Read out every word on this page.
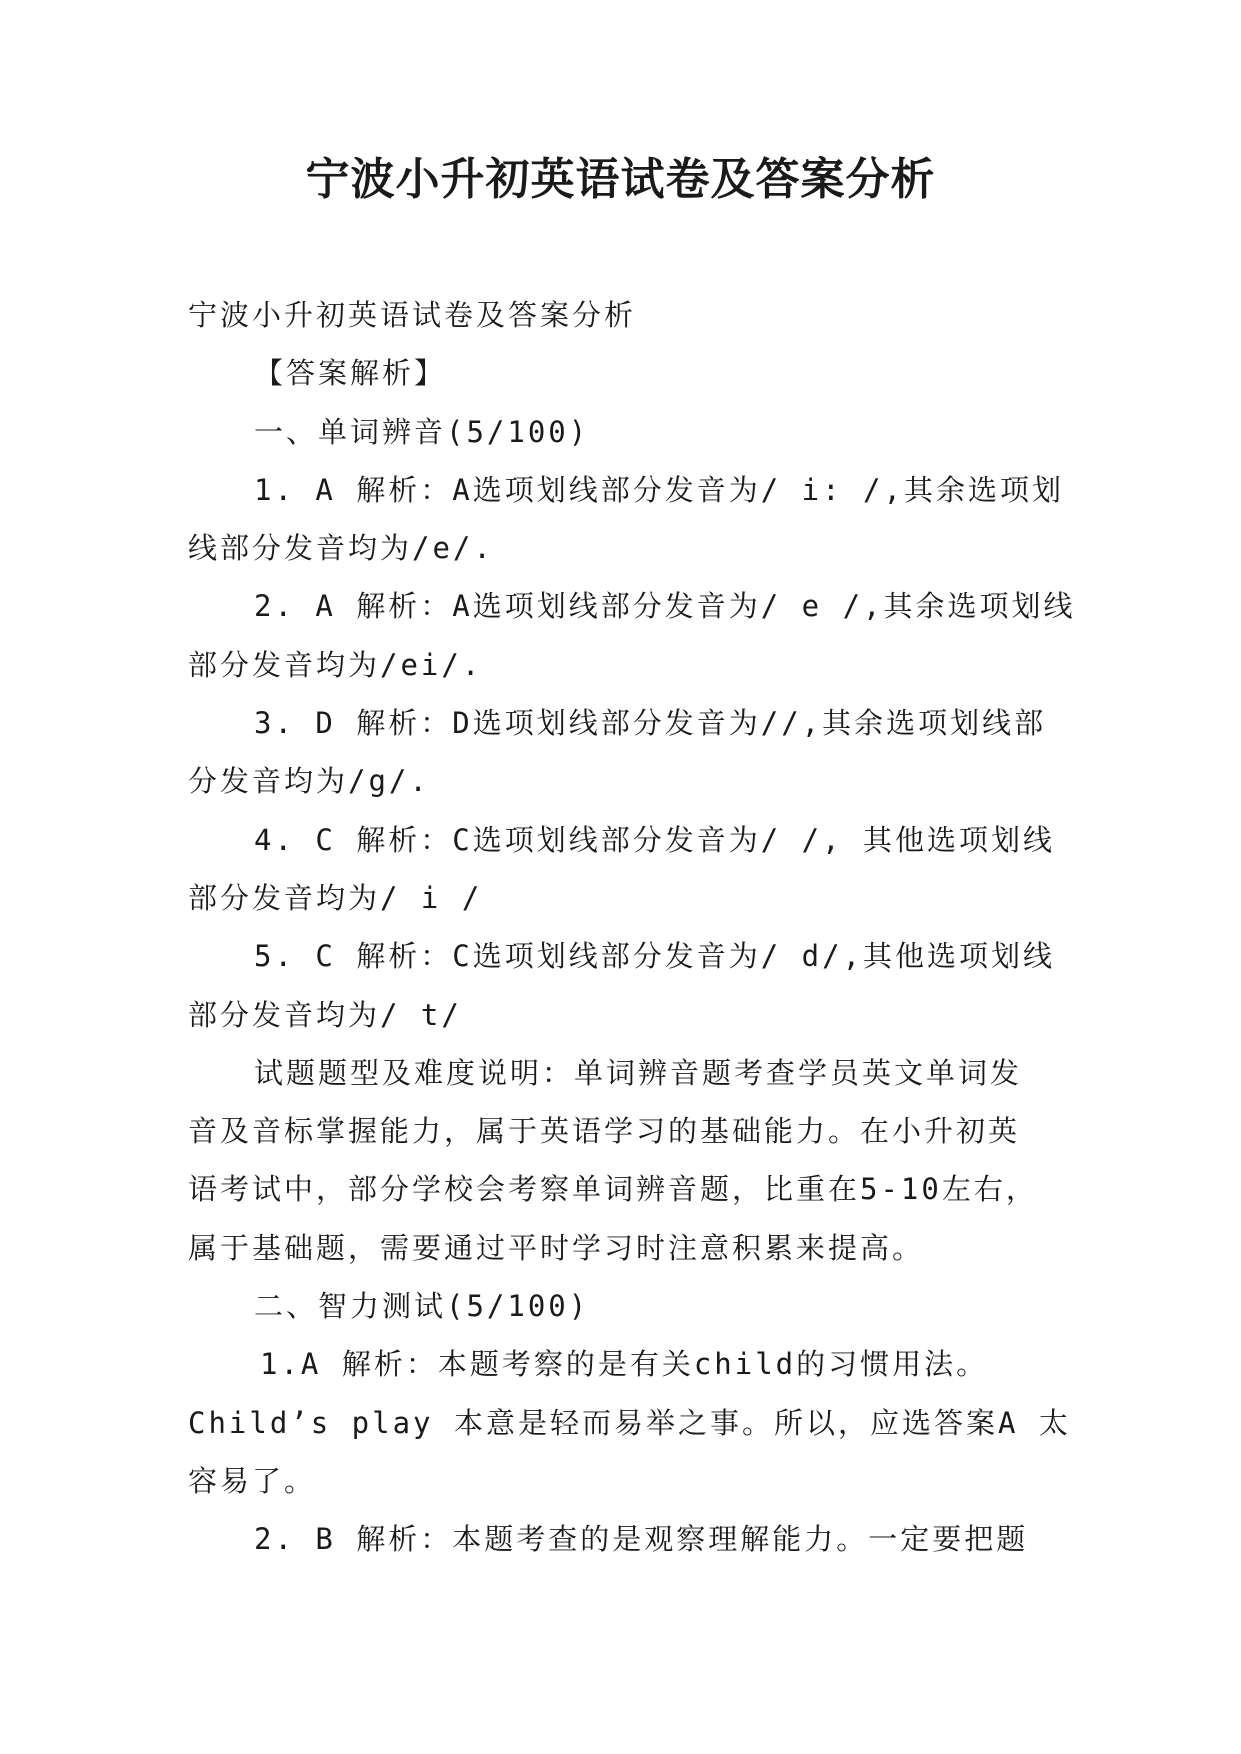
宁波小升初英语试卷及答案分析

宁波小升初英语试卷及答案分析

【答案解析】

一、单词辨音(5/100)

1. A 解析：A选项划线部分发音为/ i: /,其余选项划

线部分发音均为/e/.

2. A 解析：A选项划线部分发音为/ e /,其余选项划线

部分发音均为/ei/.

3. D 解析：D选项划线部分发音为//,其余选项划线部

分发音均为/g/.

4. C 解析：C选项划线部分发音为/ /, 其他选项划线

部分发音均为/ i /

5. C 解析：C选项划线部分发音为/ d/,其他选项划线

部分发音均为/ t/

试题题型及难度说明：单词辨音题考查学员英文单词发

音及音标掌握能力，属于英语学习的基础能力。在小升初英

语考试中，部分学校会考察单词辨音题，比重在5-10左右，

属于基础题，需要通过平时学习时注意积累来提高。

二、智力测试(5/100)

1.A 解析：本题考察的是有关child的习惯用法。

Child’s play 本意是轻而易举之事。所以，应选答案A 太

容易了。

2. B 解析：本题考查的是观察理解能力。一定要把题
